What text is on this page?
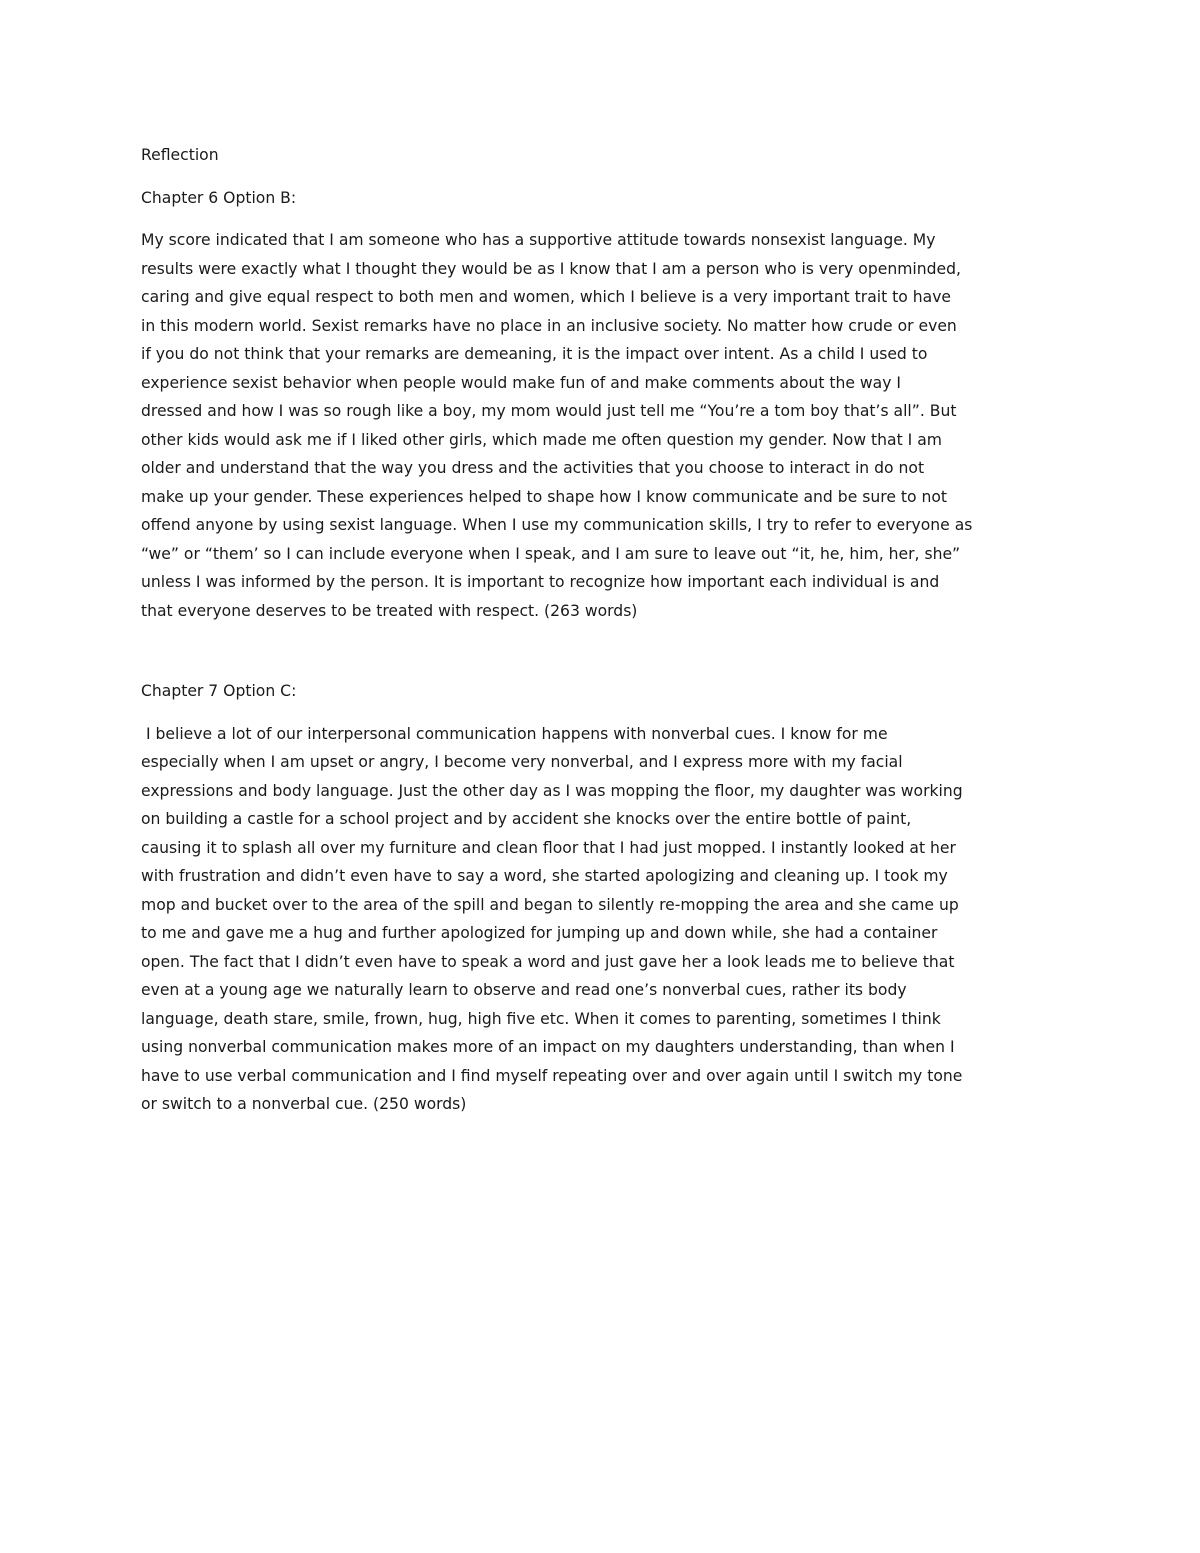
Reflection
Chapter 6 Option B:
My score indicated that I am someone who has a supportive attitude towards nonsexist language. My
results were exactly what I thought they would be as I know that I am a person who is very openminded,
caring and give equal respect to both men and women, which I believe is a very important trait to have
in this modern world. Sexist remarks have no place in an inclusive society. No matter how crude or even
if you do not think that your remarks are demeaning, it is the impact over intent. As a child I used to
experience sexist behavior when people would make fun of and make comments about the way I
dressed and how I was so rough like a boy, my mom would just tell me “You’re a tom boy that’s all”. But
other kids would ask me if I liked other girls, which made me often question my gender. Now that I am
older and understand that the way you dress and the activities that you choose to interact in do not
make up your gender. These experiences helped to shape how I know communicate and be sure to not
offend anyone by using sexist language. When I use my communication skills, I try to refer to everyone as
“we” or “them’ so I can include everyone when I speak, and I am sure to leave out “it, he, him, her, she”
unless I was informed by the person. It is important to recognize how important each individual is and
that everyone deserves to be treated with respect. (263 words)
Chapter 7 Option C:
I believe a lot of our interpersonal communication happens with nonverbal cues. I know for me
especially when I am upset or angry, I become very nonverbal, and I express more with my facial
expressions and body language. Just the other day as I was mopping the floor, my daughter was working
on building a castle for a school project and by accident she knocks over the entire bottle of paint,
causing it to splash all over my furniture and clean floor that I had just mopped. I instantly looked at her
with frustration and didn’t even have to say a word, she started apologizing and cleaning up. I took my
mop and bucket over to the area of the spill and began to silently re-mopping the area and she came up
to me and gave me a hug and further apologized for jumping up and down while, she had a container
open. The fact that I didn’t even have to speak a word and just gave her a look leads me to believe that
even at a young age we naturally learn to observe and read one’s nonverbal cues, rather its body
language, death stare, smile, frown, hug, high five etc. When it comes to parenting, sometimes I think
using nonverbal communication makes more of an impact on my daughters understanding, than when I
have to use verbal communication and I find myself repeating over and over again until I switch my tone
or switch to a nonverbal cue. (250 words)
